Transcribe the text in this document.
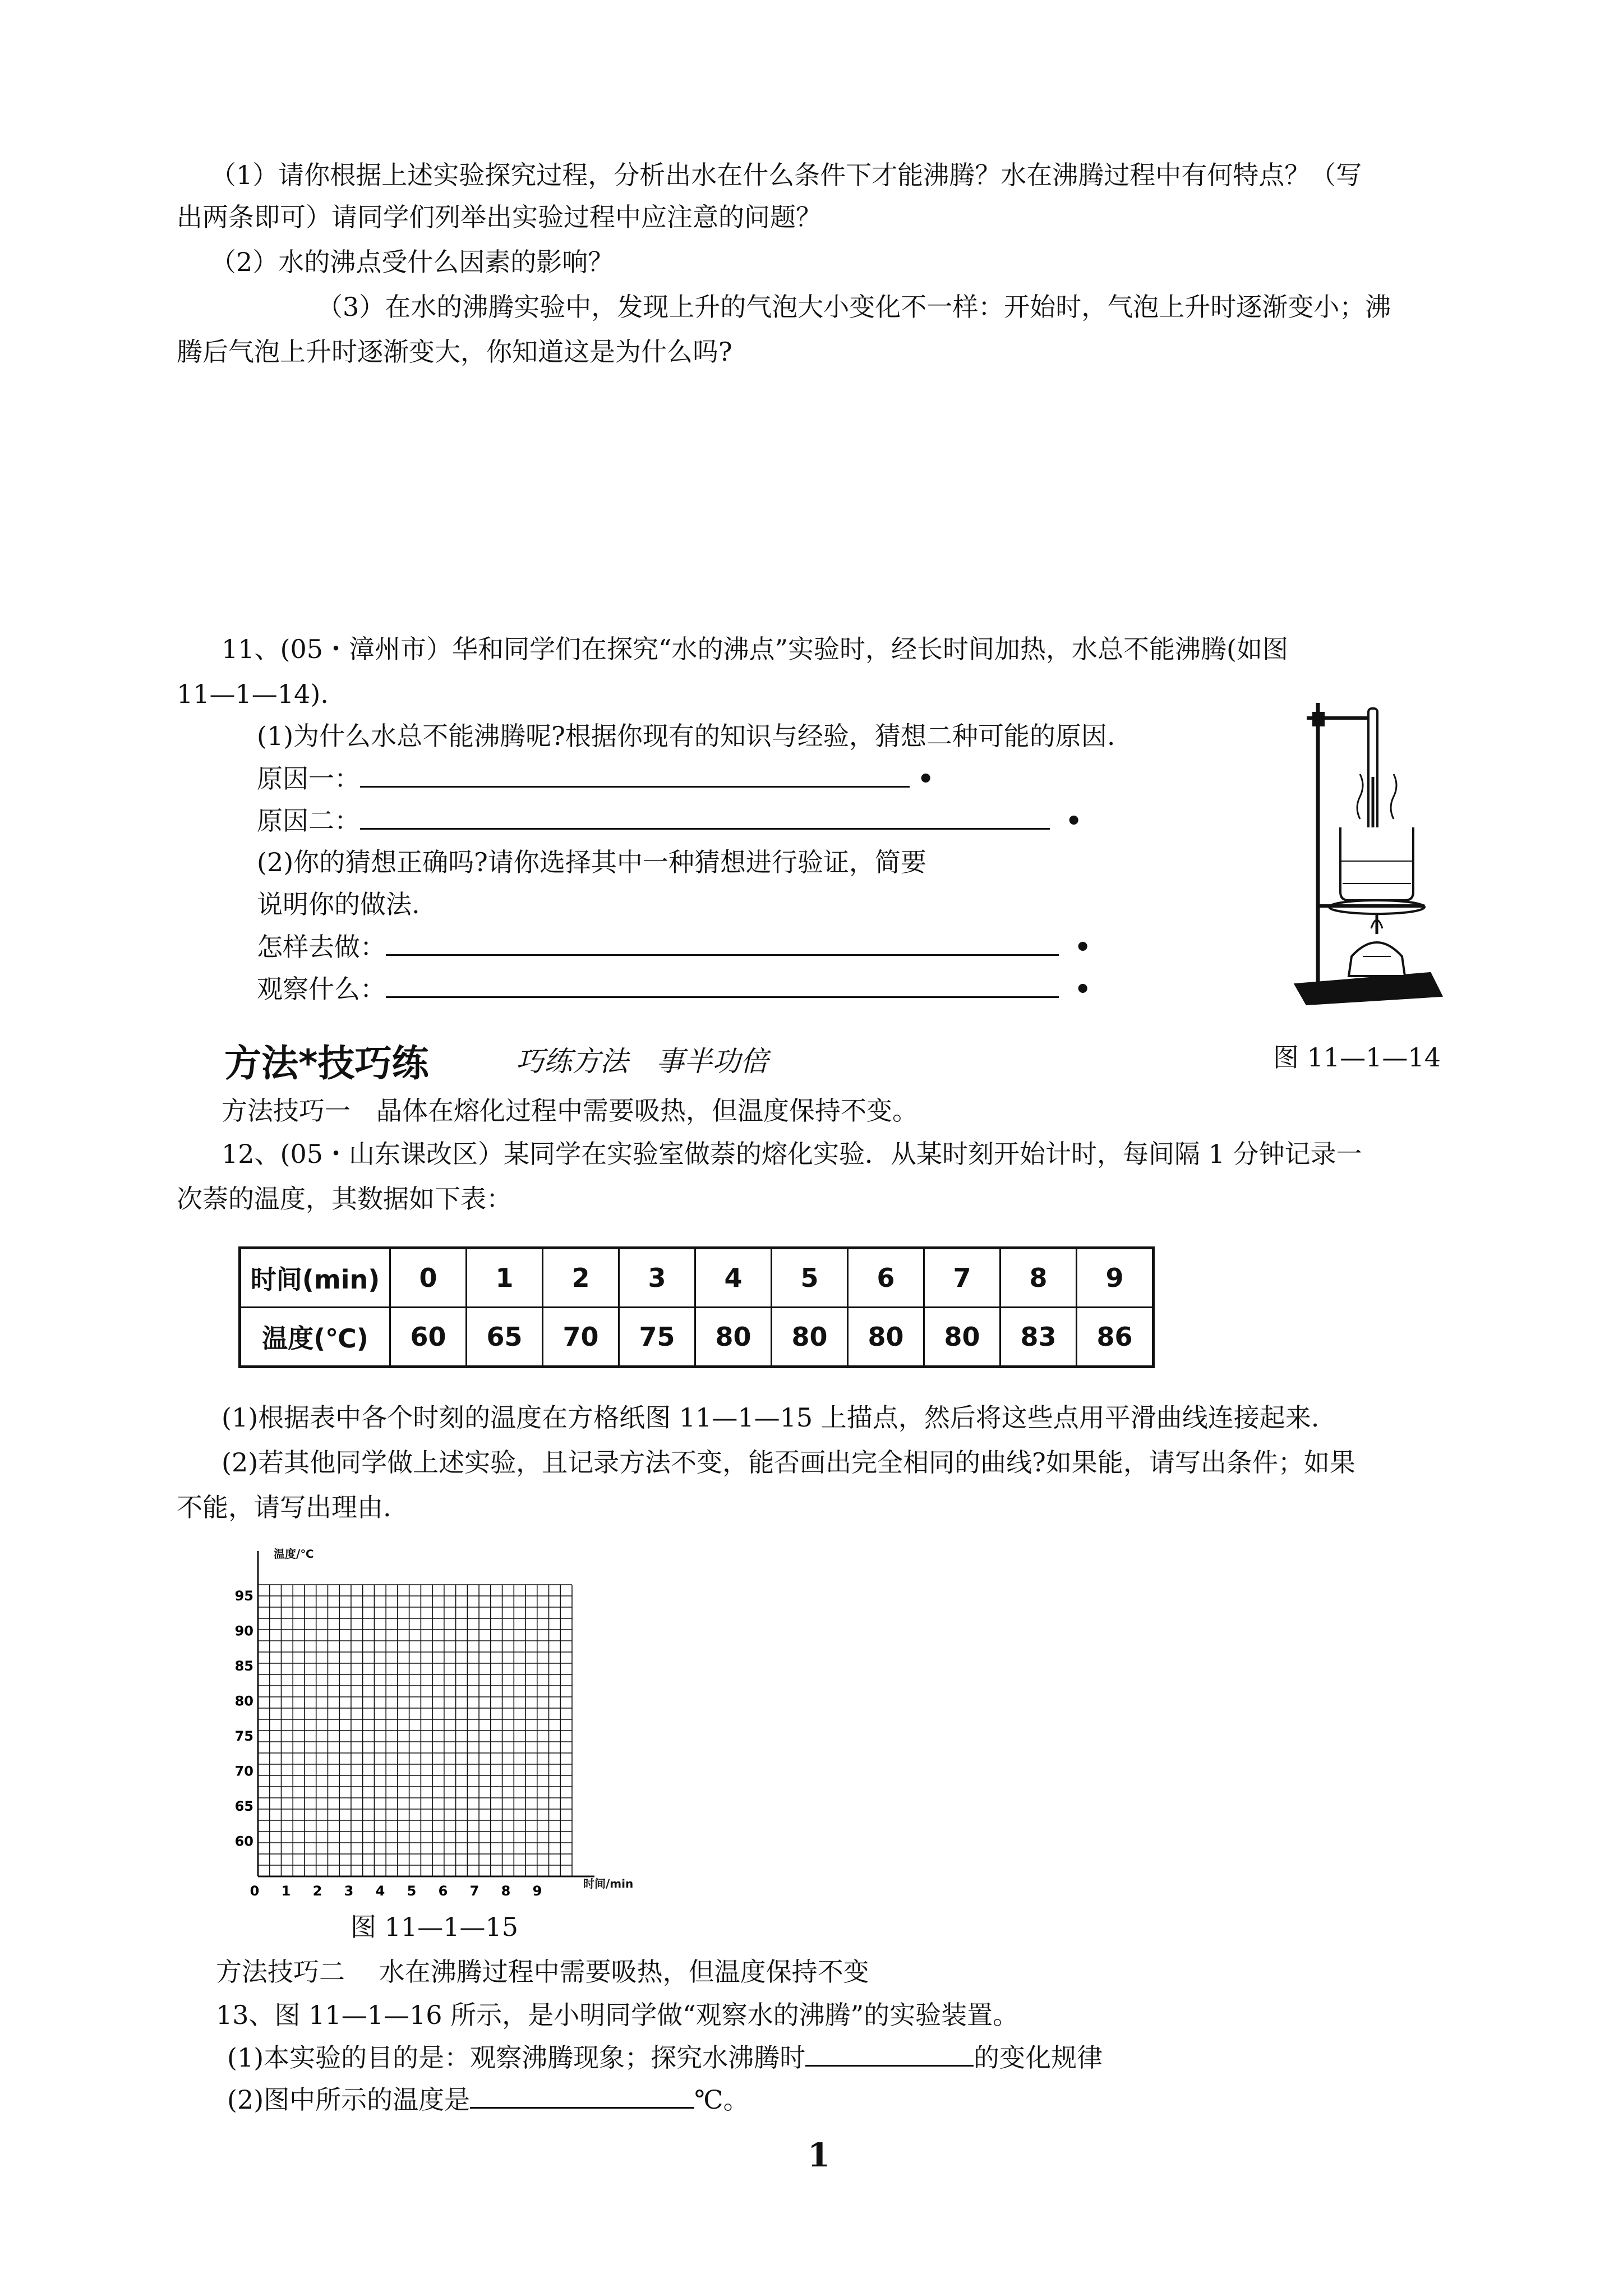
（1）请你根据上述实验探究过程，分析出水在什么条件下才能沸腾？水在沸腾过程中有何特点？（写
出两条即可）请同学们列举出实验过程中应注意的问题？
（2）水的沸点受什么因素的影响？
（3）在水的沸腾实验中，发现上升的气泡大小变化不一样：开始时，气泡上升时逐渐变小；沸
腾后气泡上升时逐渐变大，你知道这是为什么吗?
11、(05・漳州市）华和同学们在探究“水的沸点”实验时，经长时间加热，水总不能沸腾(如图
11—1—14).
(1)为什么水总不能沸腾呢?根据你现有的知识与经验，猜想二种可能的原因.
原因一：	•
原因二：	•
(2)你的猜想正确吗?请你选择其中一种猜想进行验证，简要
说明你的做法.
怎样去做：	•
观察什么：	•
图 11—1—14
方法*技巧练	巧练方法　事半功倍
方法技巧一　晶体在熔化过程中需要吸热，但温度保持不变。
12、(05・山东课改区）某同学在实验室做萘的熔化实验．从某时刻开始计时，每间隔 1 分钟记录一
次萘的温度，其数据如下表：
时间(min)	0	1	2	3	4	5	6	7	8	9
温度(℃)	60	65	70	75	80	80	80	80	83	86
(1)根据表中各个时刻的温度在方格纸图 11—1—15 上描点，然后将这些点用平滑曲线连接起来.
(2)若其他同学做上述实验，且记录方法不变，能否画出完全相同的曲线?如果能，请写出条件；如果
不能，请写出理由.
0 1 2 3 4 5 6 7 8 9
60
65
70
75
80
85
90
95
温度/℃
时间/min
图 11—1—15
方法技巧二　 水在沸腾过程中需要吸热，但温度保持不变
13、图 11—1—16 所示，是小明同学做“观察水的沸腾”的实验装置。
(1)本实验的目的是：观察沸腾现象；探究水沸腾时	的变化规律
(2)图中所示的温度是	℃。
1
